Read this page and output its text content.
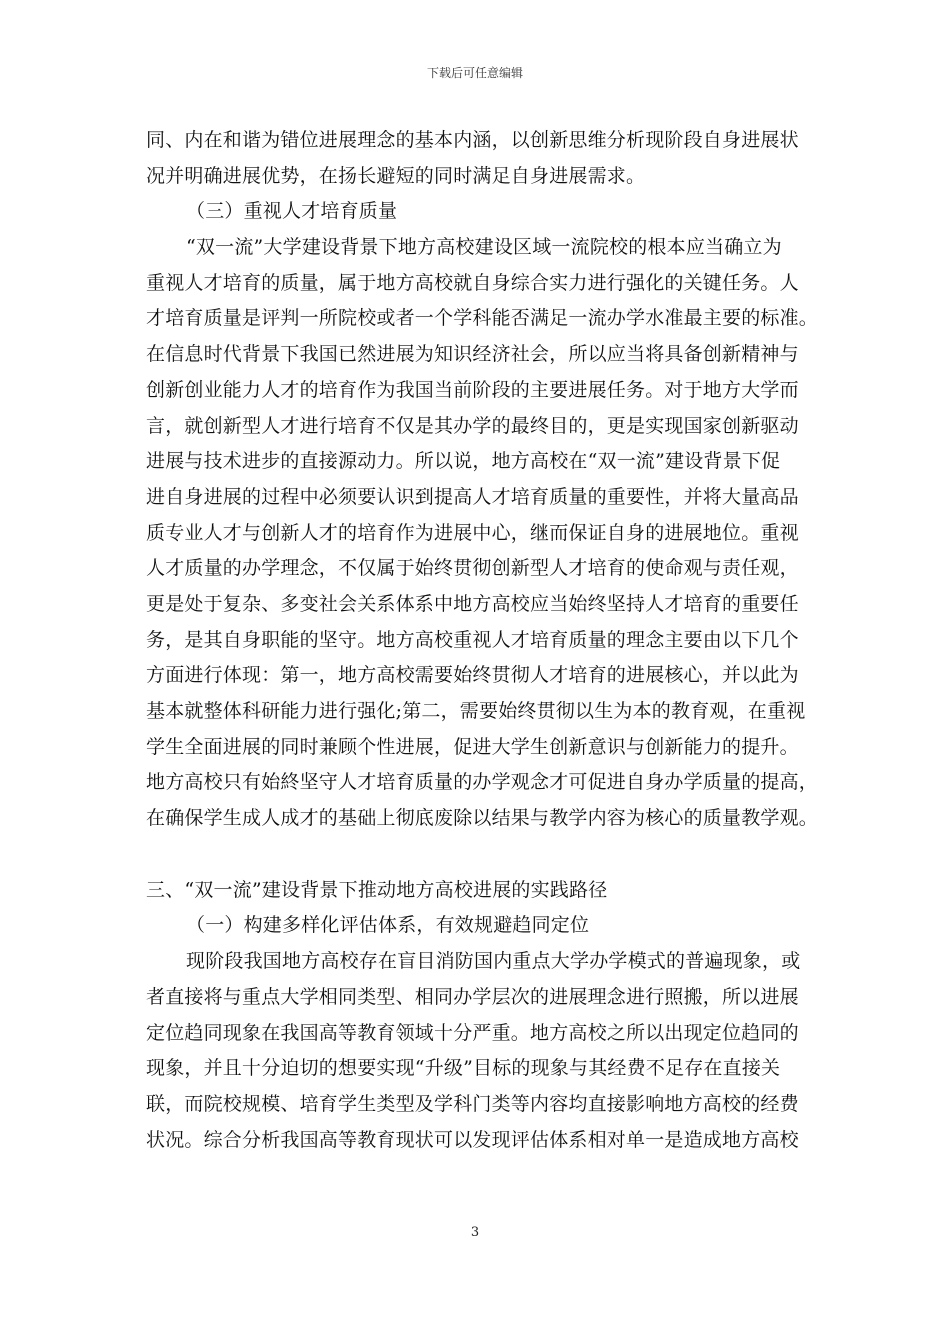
下载后可任意编辑
同、内在和谐为错位进展理念的基本内涵，以创新思维分析现阶段自身进展状
况并明确进展优势，在扬长避短的同时满足自身进展需求。
（三）重视人才培育质量
“双一流”大学建设背景下地方高校建设区域一流院校的根本应当确立为
重视人才培育的质量，属于地方高校就自身综合实力进行强化的关键任务。人
才培育质量是评判一所院校或者一个学科能否满足一流办学水准最主要的标准。
在信息时代背景下我国已然进展为知识经济社会，所以应当将具备创新精神与
创新创业能力人才的培育作为我国当前阶段的主要进展任务。对于地方大学而
言，就创新型人才进行培育不仅是其办学的最终目的，更是实现国家创新驱动
进展与技术进步的直接源动力。所以说，地方高校在“双一流”建设背景下促
进自身进展的过程中必须要认识到提高人才培育质量的重要性，并将大量高品
质专业人才与创新人才的培育作为进展中心，继而保证自身的进展地位。重视
人才质量的办学理念，不仅属于始终贯彻创新型人才培育的使命观与责任观，
更是处于复杂、多变社会关系体系中地方高校应当始终坚持人才培育的重要任
务，是其自身职能的坚守。地方高校重视人才培育质量的理念主要由以下几个
方面进行体现：第一，地方高校需要始终贯彻人才培育的进展核心，并以此为
基本就整体科研能力进行强化;第二，需要始终贯彻以生为本的教育观，在重视
学生全面进展的同时兼顾个性进展，促进大学生创新意识与创新能力的提升。
地方高校只有始終坚守人才培育质量的办学观念才可促进自身办学质量的提高，
在确保学生成人成才的基础上彻底废除以结果与教学内容为核心的质量教学观。
三、“双一流”建设背景下推动地方高校进展的实践路径
（一）构建多样化评估体系，有效规避趋同定位
现阶段我国地方高校存在盲目消防国内重点大学办学模式的普遍现象，或
者直接将与重点大学相同类型、相同办学层次的进展理念进行照搬，所以进展
定位趋同现象在我国高等教育领域十分严重。地方高校之所以出现定位趋同的
现象，并且十分迫切的想要实现“升级”目标的现象与其经费不足存在直接关
联，而院校规模、培育学生类型及学科门类等内容均直接影响地方高校的经费
状况。综合分析我国高等教育现状可以发现评估体系相对单一是造成地方高校
3
